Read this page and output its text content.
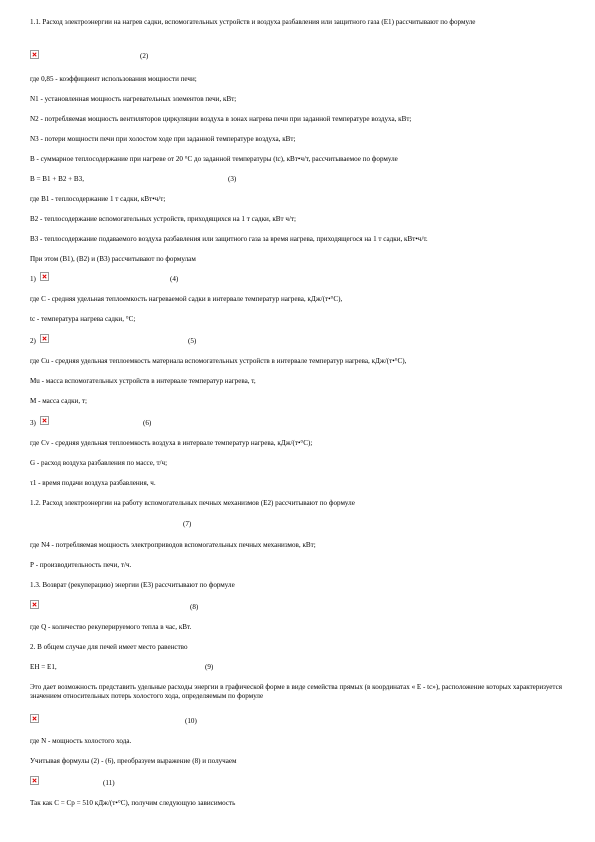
1.1. Расход электроэнергии на нагрев садки, вспомогательных устройств и воздуха разбавления или защитного газа (Е1) рассчитывают по формуле
(2)
где 0,85 - коэффициент использования мощности печи;
N1 - установленная мощность нагревательных элементов печи, кВт;
N2 - потребляемая мощность вентиляторов циркуляции воздуха в зонах нагрева печи при заданной температуре воздуха, кВт;
N3 - потери мощности печи при холостом ходе при заданной температуре воздуха, кВт;
В - суммарное теплосодержание при нагреве от 20 °С до заданной температуры (tс), кВт•ч/т, рассчитываемое по формуле
В = В1 + В2 + В3,	(3)
где В1 - теплосодержание 1 т садки, кВт•ч/т;
В2 - теплосодержание вспомогательных устройств, приходящихся на 1 т садки, кВт ч/т;
В3 - теплосодержание подаваемого воздуха разбавления или защитного газа за время нагрева, приходящегося на 1 т садки, кВт•ч/т.
При этом (В1), (В2) и (В3) рассчитывают по формулам
1)	(4)
где С - средняя удельная теплоемкость нагреваемой садки в интервале температур нагрева, кДж/(т•°С),
tс - температура нагрева садки, °С;
2)	(5)
где Сu - средняя удельная теплоемкость материала вспомогательных устройств в интервале температур нагрева, кДж/(т•°С),
Mu - масса вспомогательных устройств в интервале температур нагрева, т,
М - масса садки, т;
3)	(6)
где Сv - средняя удельная теплоемкость воздуха в интервале температур нагрева, кДж/(т•°С);
G - расход воздуха разбавления по массе, т/ч;
τ1 - время подачи воздуха разбавления, ч.
1.2. Расход электроэнергии на работу вспомогательных печных механизмов (Е2) рассчитывают по формуле
(7)
где N4 - потребляемая мощность электроприводов вспомогательных печных механизмов, кВт;
Р - производительность печи, т/ч.
1.3. Возврат (рекуперацию) энергии (Е3) рассчитывают по формуле
(8)
где Q - количество рекуперируемого тепла в час, кВт.
2. В общем случае для печей имеет место равенство
ЕН = Е1,	(9)
Это дает возможность представить удельные расходы энергии в графической форме в виде семейства прямых (в координатах « Е - tс»), расположение которых характеризуется значением относительных потерь холостого хода, определяемым по формуле
(10)
где N - мощность холостого хода.
Учитывая формулы (2) - (6), преобразуем выражение (8) и получаем
(11)
Так как С = Ср = 510 кДж/(т•°С), получим следующую зависимость
